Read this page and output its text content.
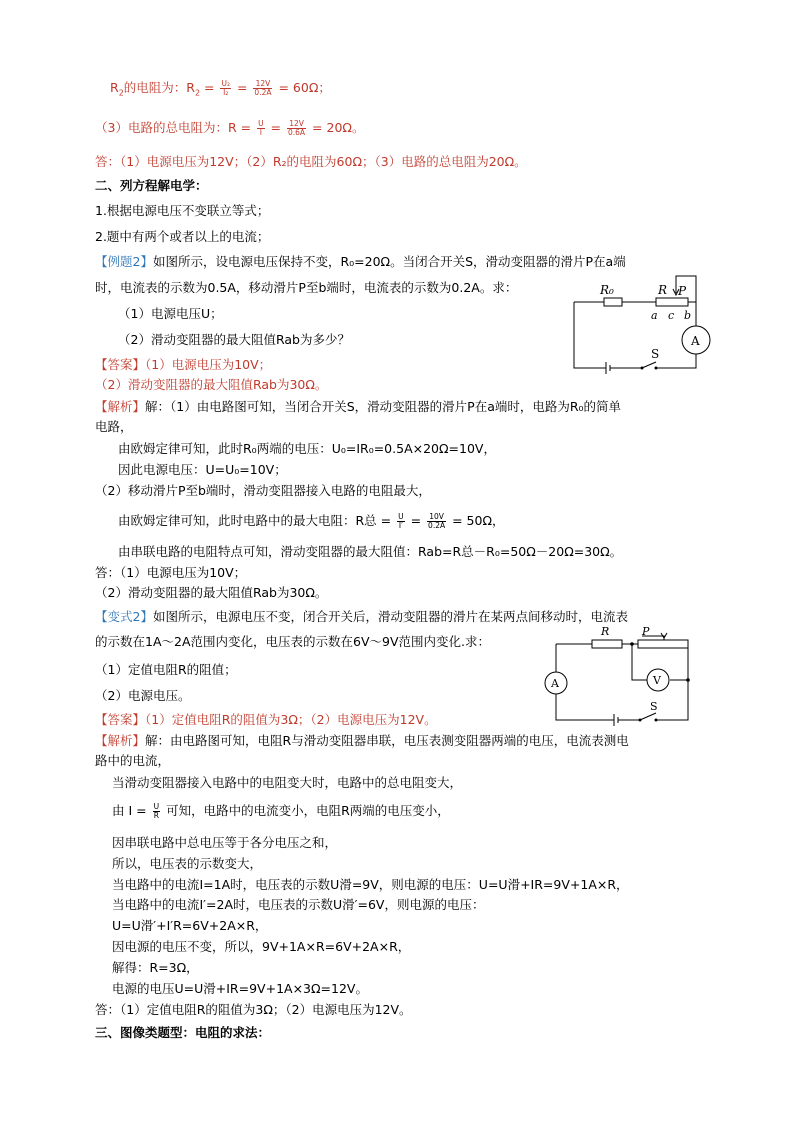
$R_2$的电阻为：$R_2 = \frac{\text{U₂}}{\text{I₂}} = \frac{12V}{0.2A} = 60\Omega$；
（3）电路的总电阻为：$R = \frac{U}{I} = \frac{12V}{0.6A} = 20\Omega$。
答：（1）电源电压为12V；（2）R₂的电阻为60Ω；（3）电路的总电阻为20Ω。
二、列方程解电学：
1.根据电源电压不变联立等式；
2.题中有两个或者以上的电流；
【例题2】如图所示，设电源电压保持不变，R₀=20Ω。当闭合开关S，滑动变阻器的滑片P在a端
时，电流表的示数为0.5A，移动滑片P至b端时，电流表的示数为0.2A。求：
（1）电源电压U；
（2）滑动变阻器的最大阻值Rab为多少？
【答案】（1）电源电压为10V；
（2）滑动变阻器的最大阻值Rab为30Ω。
【解析】解：（1）由电路图可知，当闭合开关S，滑动变阻器的滑片P在a端时，电路为R₀的简单
电路，
由欧姆定律可知，此时R₀两端的电压：U₀=IR₀=0.5A×20Ω=10V，
因此电源电压：U=U₀=10V；
（2）移动滑片P至b端时，滑动变阻器接入电路的电阻最大，
由欧姆定律可知，此时电路中的最大电阻：R总 = $\frac{U}{I'} = \frac{10V}{0.2A} = 50\Omega$，
由串联电路的电阻特点可知，滑动变阻器的最大阻值：Rab=R总－R₀=50Ω－20Ω=30Ω。
答：（1）电源电压为10V；
（2）滑动变阻器的最大阻值Rab为30Ω。
R₀	R P
a c b
A
S
【变式2】如图所示，电源电压不变，闭合开关后，滑动变阻器的滑片在某两点间移动时，电流表
的示数在1A～2A范围内变化，电压表的示数在6V～9V范围内变化.求：
（1）定值电阻R的阻值；
（2）电源电压。
【答案】（1）定值电阻R的阻值为3Ω；（2）电源电压为12V。
【解析】解：由电路图可知，电阻R与滑动变阻器串联，电压表测变阻器两端的电压，电流表测电
路中的电流，
当滑动变阻器接入电路中的电阻变大时，电路中的总电阻变大，
由 $I = \frac{U}{R}$ 可知，电路中的电流变小，电阻R两端的电压变小，
因串联电路中总电压等于各分电压之和，
所以，电压表的示数变大，
当电路中的电流I=1A时，电压表的示数U滑=9V，则电源的电压：U=U滑+IR=9V+1A×R，
当电路中的电流I′=2A时，电压表的示数U滑′=6V，则电源的电压：
U=U滑′+I′R=6V+2A×R，
因电源的电压不变，所以，9V+1A×R=6V+2A×R，
解得：R=3Ω，
电源的电压U=U滑+IR=9V+1A×3Ω=12V。
答：（1）定值电阻R的阻值为3Ω；（2）电源电压为12V。
三、图像类题型：电阻的求法：
R	P
V
A
S
